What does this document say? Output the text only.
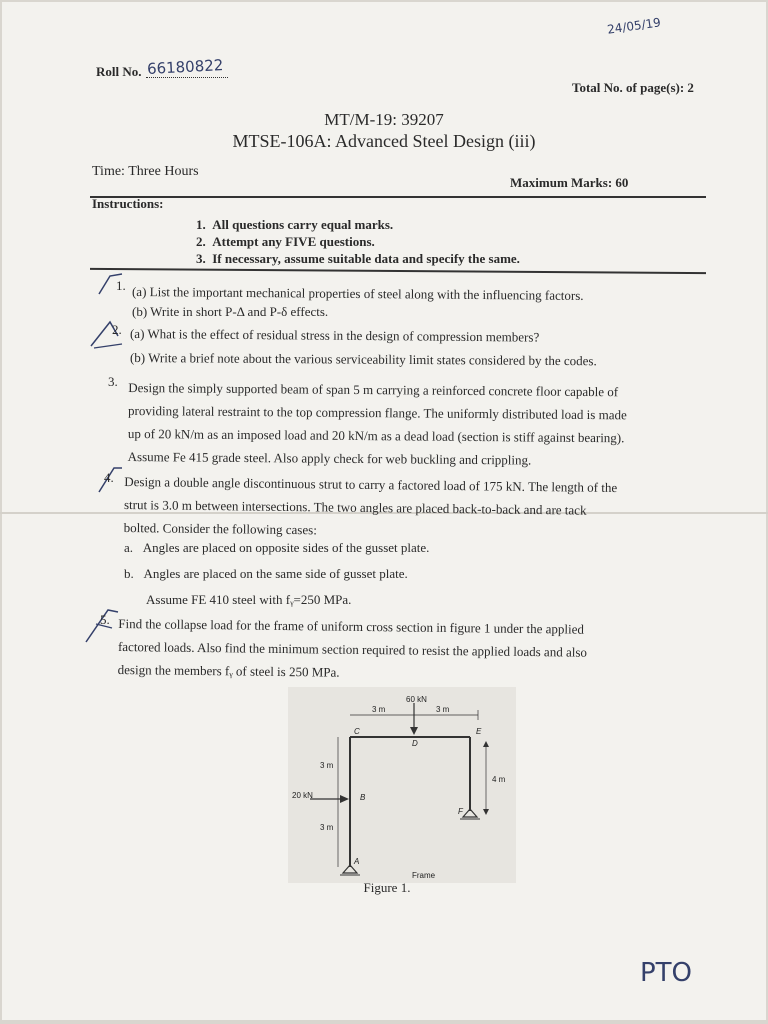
24/05/19
Roll No. 66180822
Total No. of page(s): 2
MT/M-19: 39207
MTSE-106A: Advanced Steel Design (iii)
Time: Three Hours
Maximum Marks: 60
Instructions:
1. All questions carry equal marks.
2. Attempt any FIVE questions.
3. If necessary, assume suitable data and specify the same.
1. (a) List the important mechanical properties of steel along with the influencing factors.
(b) Write in short P-Δ and P-δ effects.
2. (a) What is the effect of residual stress in the design of compression members?
(b) Write a brief note about the various serviceability limit states considered by the codes.
3. Design the simply supported beam of span 5 m carrying a reinforced concrete floor capable of
providing lateral restraint to the top compression flange. The uniformly distributed load is made
up of 20 kN/m as an imposed load and 20 kN/m as a dead load (section is stiff against bearing).
Assume Fe 415 grade steel. Also apply check for web buckling and crippling.
4. Design a double angle discontinuous strut to carry a factored load of 175 kN. The length of the
strut is 3.0 m between intersections. The two angles are placed back-to-back and are tack
bolted. Consider the following cases:
a. Angles are placed on opposite sides of the gusset plate.
b. Angles are placed on the same side of gusset plate.
Assume FE 410 steel with fᵧ=250 MPa.
5. Find the collapse load for the frame of uniform cross section in figure 1 under the applied
factored loads. Also find the minimum section required to resist the applied loads and also
design the members fᵧ of steel is 250 MPa.
60 kN
3 m	3 m
3 m
3 m
4 m
20 kN
C
D
E
B
F
A
Frame
Figure 1.
PTO
